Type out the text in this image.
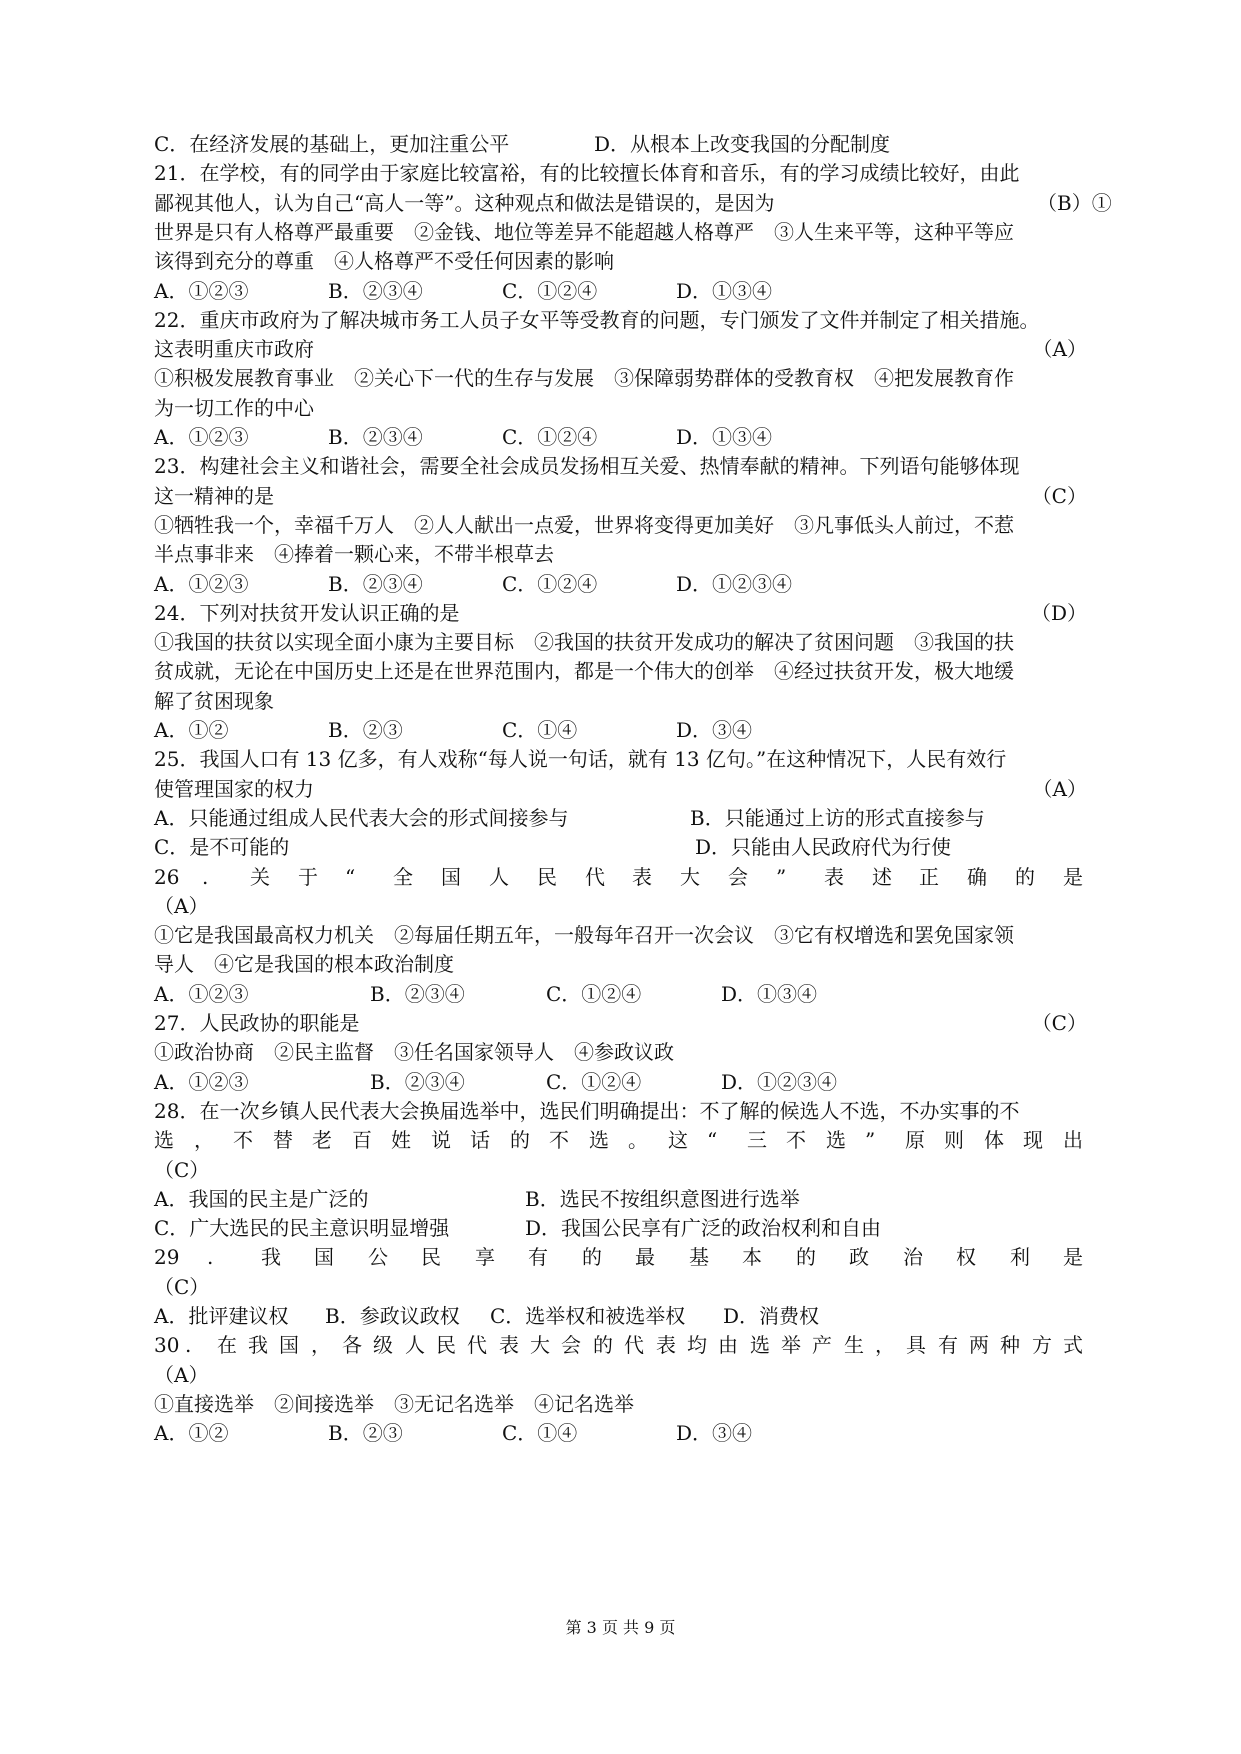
C．在经济发展的基础上，更加注重公平	D．从根本上改变我国的分配制度
21．在学校，有的同学由于家庭比较富裕，有的比较擅长体育和音乐，有的学习成绩比较好，由此
鄙视其他人，认为自己“高人一等”。这种观点和做法是错误的，是因为	（B）①
世界是只有人格尊严最重要　②金钱、地位等差异不能超越人格尊严　③人生来平等，这种平等应
该得到充分的尊重　④人格尊严不受任何因素的影响
A．①②③	B．②③④	C．①②④	D．①③④
22．重庆市政府为了解决城市务工人员子女平等受教育的问题，专门颁发了文件并制定了相关措施。
这表明重庆市政府	（A）
①积极发展教育事业　②关心下一代的生存与发展　③保障弱势群体的受教育权　④把发展教育作
为一切工作的中心
A．①②③	B．②③④	C．①②④	D．①③④
23．构建社会主义和谐社会，需要全社会成员发扬相互关爱、热情奉献的精神。下列语句能够体现
这一精神的是	（C）
①牺牲我一个，幸福千万人　②人人献出一点爱，世界将变得更加美好　③凡事低头人前过，不惹
半点事非来　④捧着一颗心来，不带半根草去
A．①②③	B．②③④	C．①②④	D．①②③④
24．下列对扶贫开发认识正确的是	（D）
①我国的扶贫以实现全面小康为主要目标　②我国的扶贫开发成功的解决了贫困问题　③我国的扶
贫成就，无论在中国历史上还是在世界范围内，都是一个伟大的创举　④经过扶贫开发，极大地缓
解了贫困现象
A．①②	B．②③	C．①④	D．③④
25．我国人口有 13 亿多，有人戏称“每人说一句话，就有 13 亿句。”在这种情况下，人民有效行
使管理国家的权力	（A）
A．只能通过组成人民代表大会的形式间接参与	B．只能通过上访的形式直接参与
C．是不可能的	D．只能由人民政府代为行使
26 . 关 于 “ 全 国 人 民 代 表 大 会 ” 表 述 正 确 的 是
（A）
①它是我国最高权力机关　②每届任期五年，一般每年召开一次会议　③它有权增选和罢免国家领
导人　④它是我国的根本政治制度
A．①②③	B．②③④	C．①②④	D．①③④
27．人民政协的职能是	（C）
①政治协商　②民主监督　③任名国家领导人　④参政议政
A．①②③	B．②③④	C．①②④	D．①②③④
28．在一次乡镇人民代表大会换届选举中，选民们明确提出：不了解的候选人不选，不办实事的不
选 ， 不 替 老 百 姓 说 话 的 不 选 。 这 “ 三 不 选 ” 原 则 体 现 出
（C）
A．我国的民主是广泛的	B．选民不按组织意图进行选举
C．广大选民的民主意识明显增强	D．我国公民享有广泛的政治权利和自由
29 . 我 国 公 民 享 有 的 最 基 本 的 政 治 权 利 是
（C）
A．批评建议权 B．参政议政权 C．选举权和被选举权 D．消费权
30 . 在 我 国 ， 各 级 人 民 代 表 大 会 的 代 表 均 由 选 举 产 生 ， 具 有 两 种 方 式
（A）
①直接选举　②间接选举　③无记名选举　④记名选举
A．①②	B．②③	C．①④	D．③④
第 3 页 共 9 页
